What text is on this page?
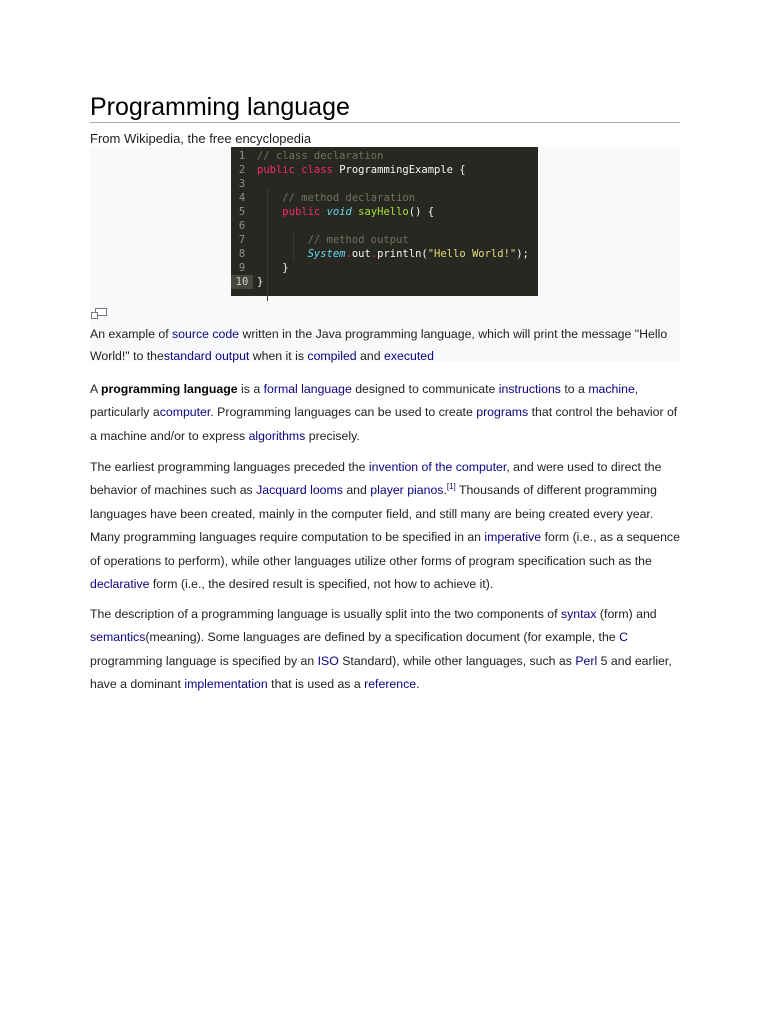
Programming language
From Wikipedia, the free encyclopedia
1 // class declaration
2 public class ProgrammingExample {
3
4	// method declaration
5	public void sayHello() {
6
7	// method output
8	System.out.println("Hello World!");
9    }
10 }
An example of source code written in the Java programming language, which will print the message "Hello World!" to thestandard output when it is compiled and executed
A programming language is a formal language designed to communicate instructions to a machine, particularly acomputer. Programming languages can be used to create programs that control the behavior of a machine and/or to express algorithms precisely.
The earliest programming languages preceded the invention of the computer, and were used to direct the behavior of machines such as Jacquard looms and player pianos.[1] Thousands of different programming languages have been created, mainly in the computer field, and still many are being created every year. Many programming languages require computation to be specified in an imperative form (i.e., as a sequence of operations to perform), while other languages utilize other forms of program specification such as the declarative form (i.e., the desired result is specified, not how to achieve it).
The description of a programming language is usually split into the two components of syntax (form) and semantics(meaning). Some languages are defined by a specification document (for example, the C programming language is specified by an ISO Standard), while other languages, such as Perl 5 and earlier, have a dominant implementation that is used as a reference.
